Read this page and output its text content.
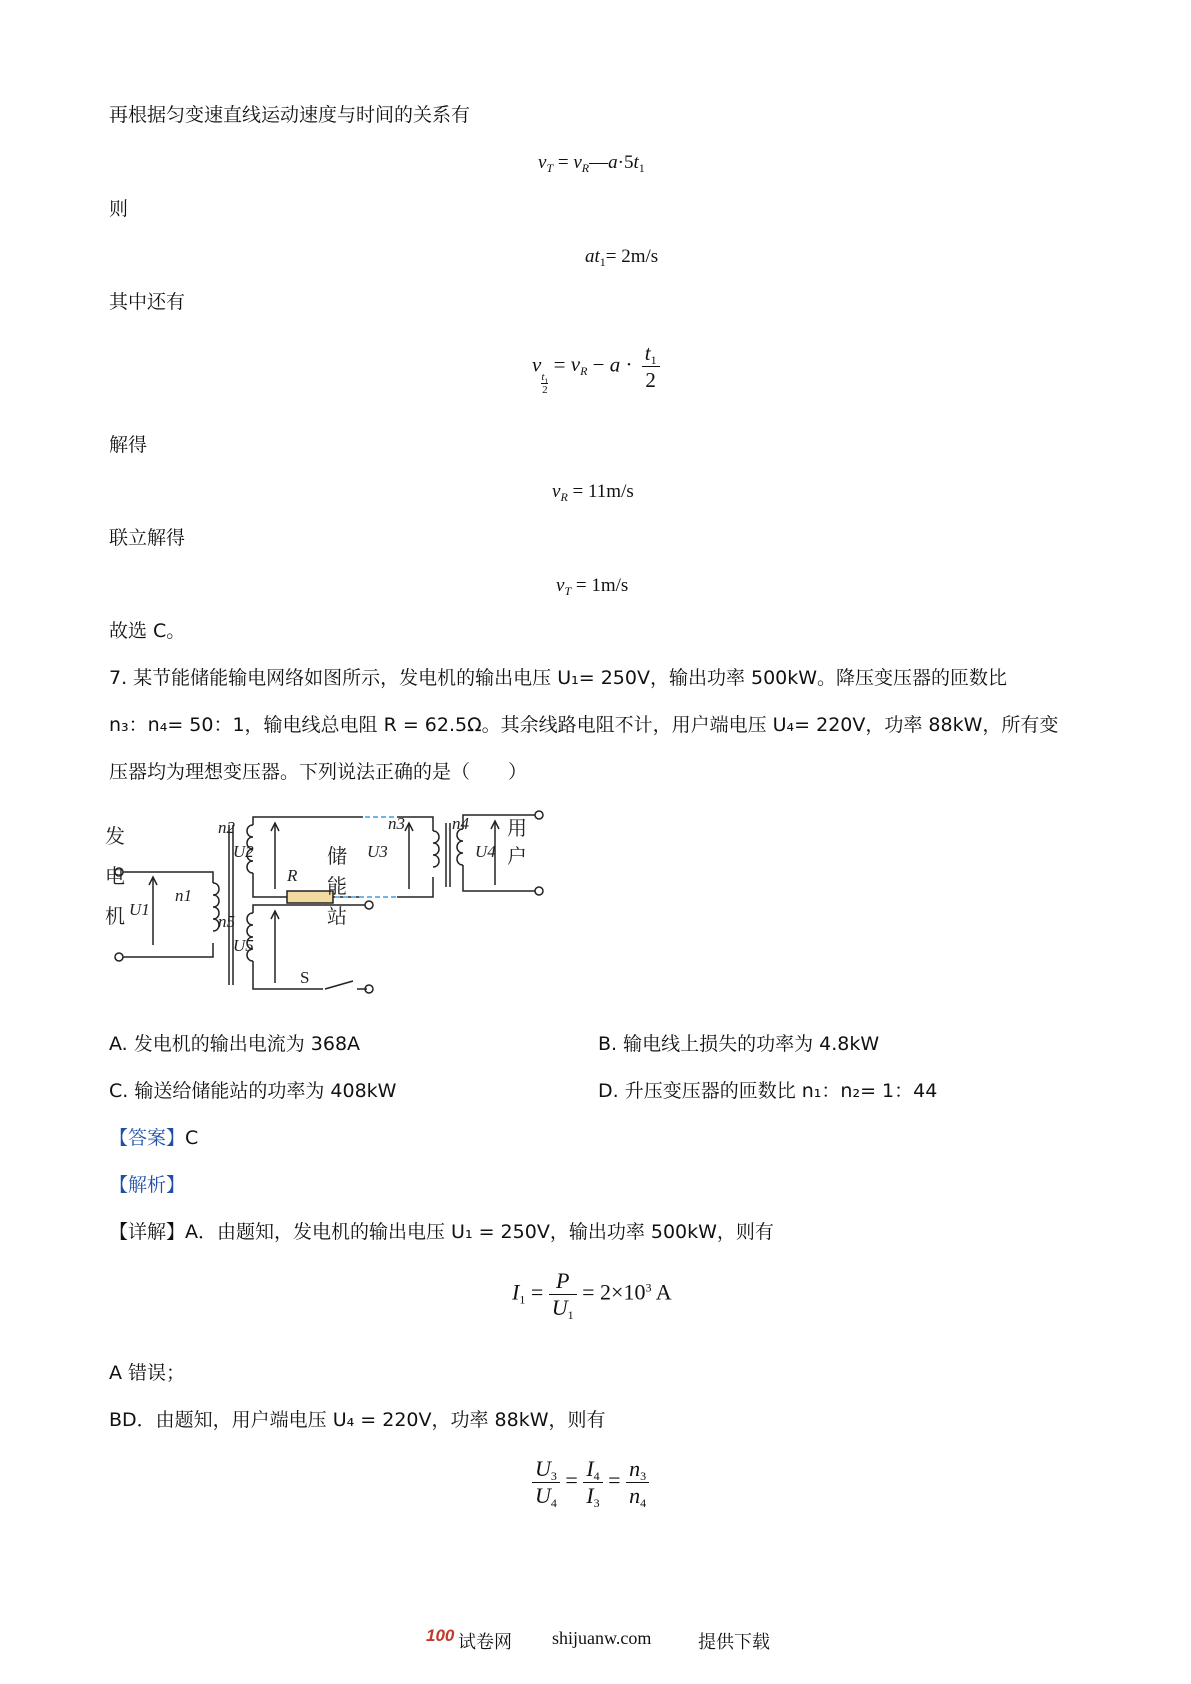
再根据匀变速直线运动速度与时间的关系有
$v_T$ = $v_R—a\cdot 5t_1$
则
$at_1= 2m/s$
其中还有
v
$\frac{t_1}{2}$
= $v_R - a \cdot \frac{t_1}{2}$
解得
$v_R = 11m/s$
联立解得
$v_T = 1m/s$
故选 C。
7. 某节能储能输电网络如图所示，发电机的输出电压 U₁= 250V，输出功率 500kW。降压变压器的匝数比
n₃：n₄= 50：1，输电线总电阻 R = 62.5Ω。其余线路电阻不计，用户端电压 U₄= 220V，功率 88kW，所有变
压器均为理想变压器。下列说法正确的是（　　）
发
电
机
用
户
储
能
站
U1
n1
n2
U2
R
U3
n3	n4
U4
n5
U5
S
A. 发电机的输出电流为 368A	B. 输电线上损失的功率为 4.8kW
C. 输送给储能站的功率为 408kW	D. 升压变压器的匝数比 n₁：n₂= 1：44
【答案】C
【解析】
【详解】A．由题知，发电机的输出电压 U₁ = 250V，输出功率 500kW，则有
$I_1 = \frac{P}{U_1} = 2\times 10^3$ A
A 错误；
BD．由题知，用户端电压 U₄ = 220V，功率 88kW，则有
$\frac{U_3}{U_4} = \frac{I_4}{I_3} = \frac{n_3}{n_4}$
100 试卷网 shijuanw.com	提供下载
